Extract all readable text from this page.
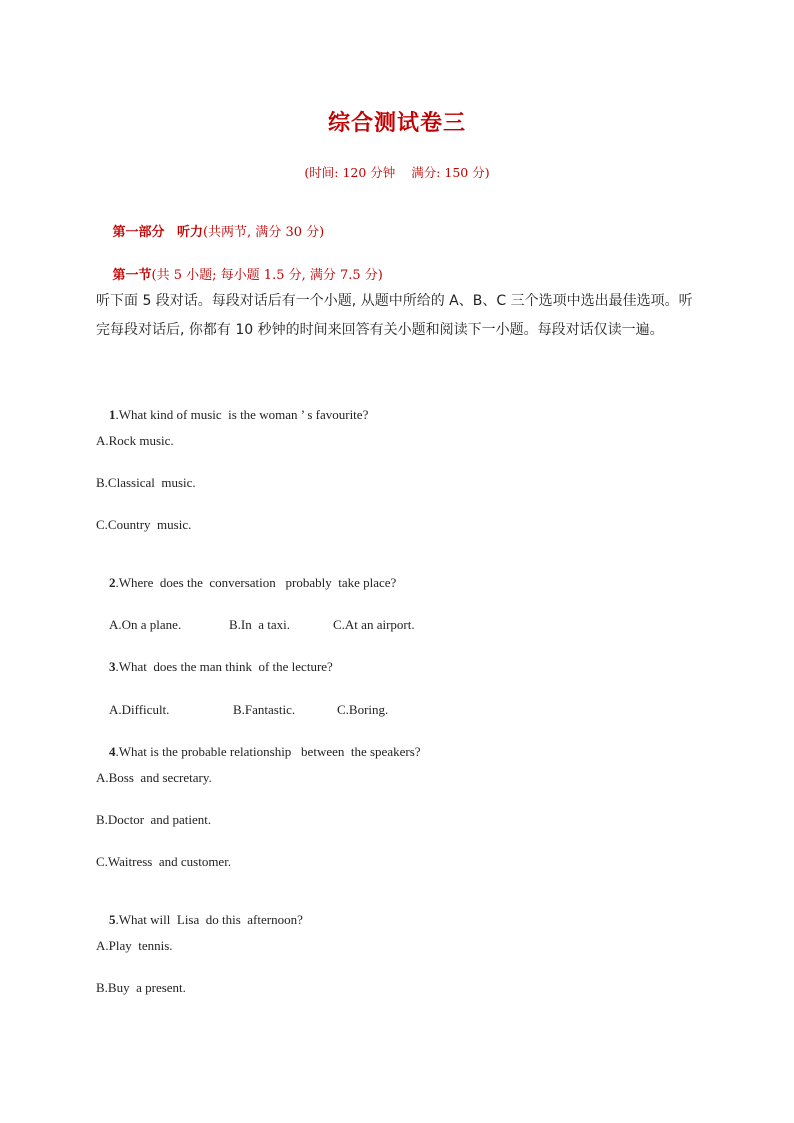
综合测试卷三
(时间: 120 分钟    满分: 150 分)

第一部分 听力(共两节, 满分 30 分)

第一节(共 5 小题; 每小题 1.5 分, 满分 7.5 分)

听下面 5 段对话。每段对话后有一个小题, 从题中所给的 A、B、C 三个选项中选出最佳选项。听完每段对话后, 你都有 10 秒钟的时间来回答有关小题和阅读下一小题。每段对话仅读一遍。

1.What kind of music  is the woman ’ s favourite?

A.Rock music.
B.Classical  music.
C.Country  music.

2.Where  does the  conversation   probably  take place?

A.On a plane.	B.In  a taxi.	C.At an airport.

3.What  does the man think  of the lecture?

A.Difficult.	B.Fantastic.	C.Boring.

4.What is the probable relationship   between  the speakers?

A.Boss  and secretary.
B.Doctor  and patient.
C.Waitress  and customer.

5.What will  Lisa  do this  afternoon?

A.Play  tennis.
B.Buy  a present.
